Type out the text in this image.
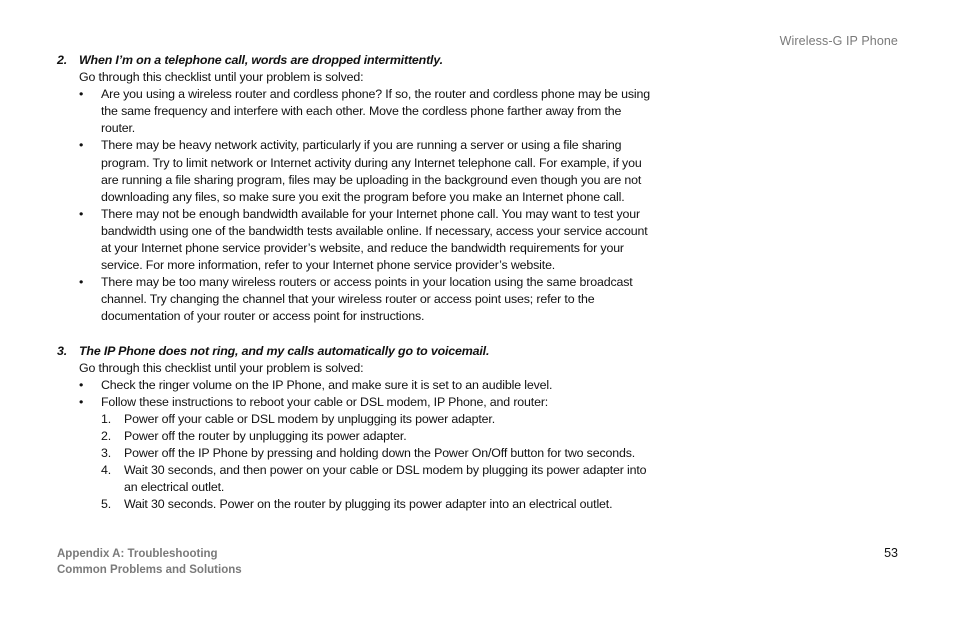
Wireless-G IP Phone
2. When I’m on a telephone call, words are dropped intermittently.
Go through this checklist until your problem is solved:
• Are you using a wireless router and cordless phone? If so, the router and cordless phone may be using
the same frequency and interfere with each other. Move the cordless phone farther away from the
router.
• There may be heavy network activity, particularly if you are running a server or using a file sharing
program. Try to limit network or Internet activity during any Internet telephone call. For example, if you
are running a file sharing program, files may be uploading in the background even though you are not
downloading any files, so make sure you exit the program before you make an Internet phone call.
• There may not be enough bandwidth available for your Internet phone call. You may want to test your
bandwidth using one of the bandwidth tests available online. If necessary, access your service account
at your Internet phone service provider’s website, and reduce the bandwidth requirements for your
service. For more information, refer to your Internet phone service provider’s website.
• There may be too many wireless routers or access points in your location using the same broadcast
channel. Try changing the channel that your wireless router or access point uses; refer to the
documentation of your router or access point for instructions.
3. The IP Phone does not ring, and my calls automatically go to voicemail.
Go through this checklist until your problem is solved:
• Check the ringer volume on the IP Phone, and make sure it is set to an audible level.
• Follow these instructions to reboot your cable or DSL modem, IP Phone, and router:
1. Power off your cable or DSL modem by unplugging its power adapter.
2. Power off the router by unplugging its power adapter.
3. Power off the IP Phone by pressing and holding down the Power On/Off button for two seconds.
4. Wait 30 seconds, and then power on your cable or DSL modem by plugging its power adapter into
an electrical outlet.
5. Wait 30 seconds. Power on the router by plugging its power adapter into an electrical outlet.
Appendix A: Troubleshooting
Common Problems and Solutions
53
